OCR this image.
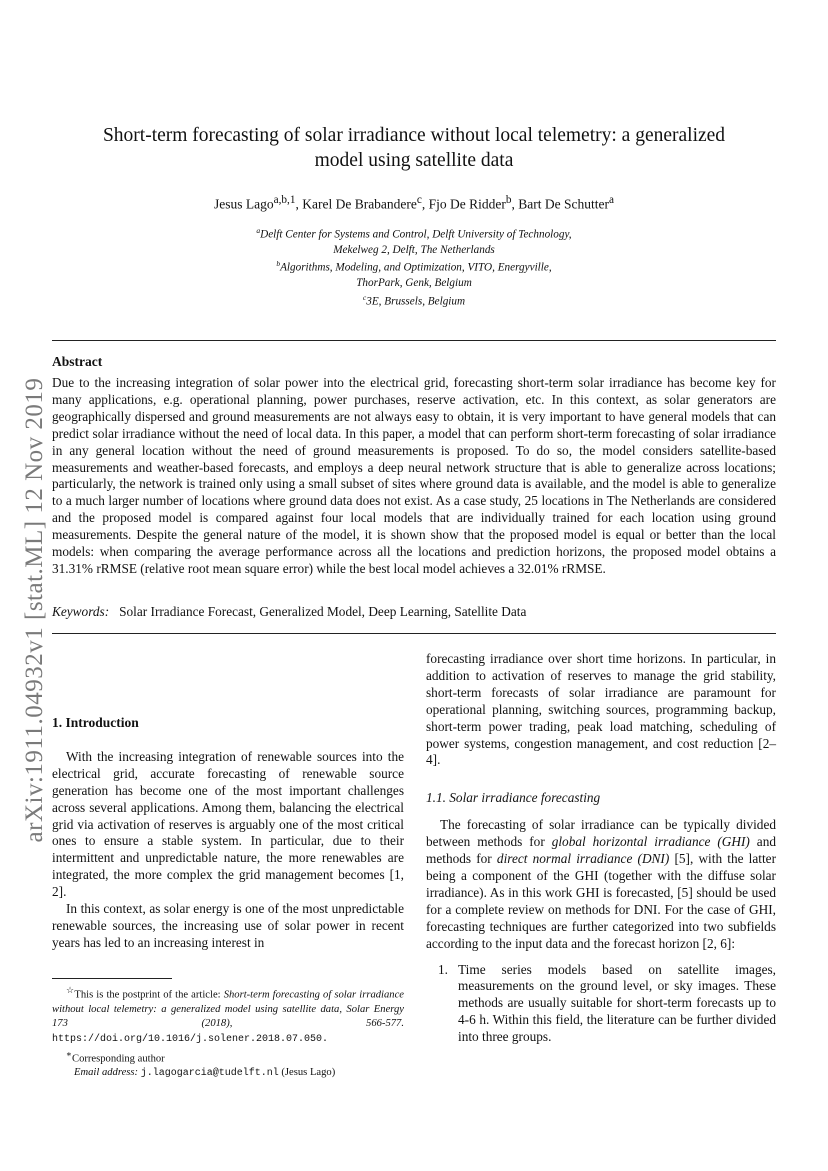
arXiv:1911.04932v1 [stat.ML] 12 Nov 2019
Short-term forecasting of solar irradiance without local telemetry: a generalized
model using satellite data
Jesus Lago$^{a,b,1}$, Karel De Brabandere$^c$, Fjo De Ridder$^b$, Bart De Schutter$^a$
$^a$Delft Center for Systems and Control, Delft University of Technology,
Mekelweg 2, Delft, The Netherlands
$^b$Algorithms, Modeling, and Optimization, VITO, Energyville,
ThorPark, Genk, Belgium
$^c$3E, Brussels, Belgium
Abstract
Due to the increasing integration of solar power into the electrical grid, forecasting short-term solar irradiance has become key for many applications, e.g. operational planning, power purchases, reserve activation, etc. In this context, as solar generators are geographically dispersed and ground measurements are not always easy to obtain, it is very important to have general models that can predict solar irradiance without the need of local data. In this paper, a model that can perform short-term forecasting of solar irradiance in any general location without the need of ground measurements is proposed. To do so, the model considers satellite-based measurements and weather-based forecasts, and employs a deep neural network structure that is able to generalize across locations; particularly, the network is trained only using a small subset of sites where ground data is available, and the model is able to generalize to a much larger number of locations where ground data does not exist. As a case study, 25 locations in The Netherlands are considered and the proposed model is compared against four local models that are individually trained for each location using ground measurements. Despite the general nature of the model, it is shown show that the proposed model is equal or better than the local models: when comparing the average performance across all the locations and prediction horizons, the proposed model obtains a 31.31% rRMSE (relative root mean square error) while the best local model achieves a 32.01% rRMSE.
Keywords: Solar Irradiance Forecast, Generalized Model, Deep Learning, Satellite Data
1. Introduction

With the increasing integration of renewable sources into the electrical grid, accurate forecasting of renewable source generation has become one of the most important challenges across several applications. Among them, balancing the electrical grid via activation of reserves is arguably one of the most critical ones to ensure a stable system. In particular, due to their intermittent and unpredictable nature, the more renewables are integrated, the more complex the grid management becomes [1, 2].

In this context, as solar energy is one of the most unpredictable renewable sources, the increasing use of solar power in recent years has led to an increasing interest in

forecasting irradiance over short time horizons. In particular, in addition to activation of reserves to manage the grid stability, short-term forecasts of solar irradiance are paramount for operational planning, switching sources, programming backup, short-term power trading, peak load matching, scheduling of power systems, congestion management, and cost reduction [2–4].

1.1. Solar irradiance forecasting

The forecasting of solar irradiance can be typically divided between methods for global horizontal irradiance (GHI) and methods for direct normal irradiance (DNI) [5], with the latter being a component of the GHI (together with the diffuse solar irradiance). As in this work GHI is forecasted, [5] should be used for a complete review on methods for DNI. For the case of GHI, forecasting techniques are further categorized into two subfields according to the input data and the forecast horizon [2, 6]:

1. Time series models based on satellite images, measurements on the ground level, or sky images. These methods are usually suitable for short-term forecasts up to 4-6 h. Within this field, the literature can be further divided into three groups.

☆This is the postprint of the article: Short-term forecasting of solar irradiance without local telemetry: a generalized model using satellite data, Solar Energy 173 (2018), 566-577. https://doi.org/10.1016/j.solener.2018.07.050.

∗Corresponding author

Email address: j.lagogarcia@tudelft.nl (Jesus Lago)
